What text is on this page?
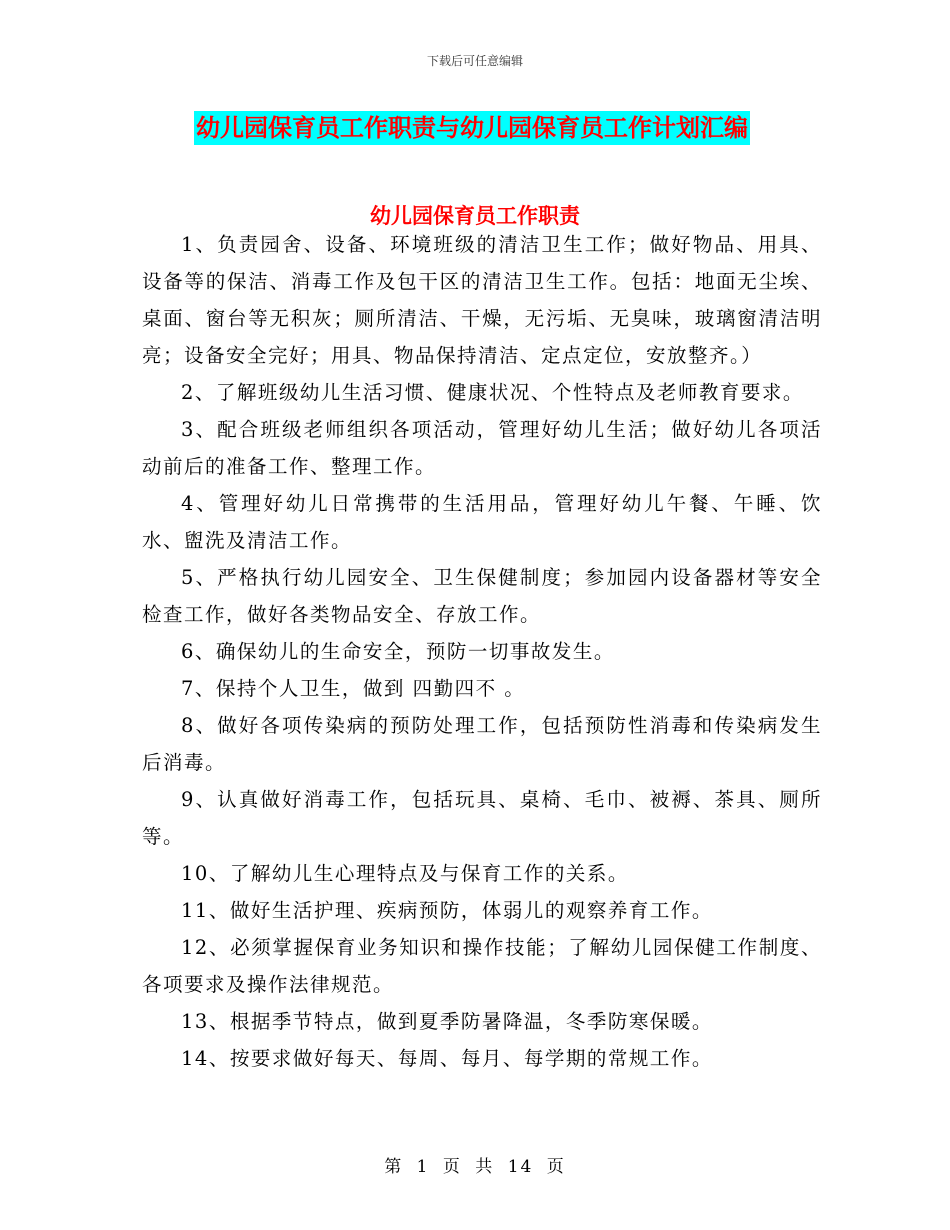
下载后可任意编辑
幼儿园保育员工作职责与幼儿园保育员工作计划汇编
幼儿园保育员工作职责

1、负责园舍、设备、环境班级的清洁卫生工作；做好物品、用具、设备等的保洁、消毒工作及包干区的清洁卫生工作。包括：地面无尘埃、桌面、窗台等无积灰；厕所清洁、干燥，无污垢、无臭味，玻璃窗清洁明亮；设备安全完好；用具、物品保持清洁、定点定位，安放整齐。）

2、了解班级幼儿生活习惯、健康状况、个性特点及老师教育要求。

3、配合班级老师组织各项活动，管理好幼儿生活；做好幼儿各项活动前后的准备工作、整理工作。

4、管理好幼儿日常携带的生活用品，管理好幼儿午餐、午睡、饮水、盥洗及清洁工作。

5、严格执行幼儿园安全、卫生保健制度；参加园内设备器材等安全检查工作，做好各类物品安全、存放工作。

6、确保幼儿的生命安全，预防一切事故发生。

7、保持个人卫生，做到 四勤四不 。

8、做好各项传染病的预防处理工作，包括预防性消毒和传染病发生后消毒。

9、认真做好消毒工作，包括玩具、桌椅、毛巾、被褥、茶具、厕所等。

10、了解幼儿生心理特点及与保育工作的关系。

11、做好生活护理、疾病预防，体弱儿的观察养育工作。

12、必须掌握保育业务知识和操作技能；了解幼儿园保健工作制度、各项要求及操作法律规范。

13、根据季节特点，做到夏季防暑降温，冬季防寒保暖。

14、按要求做好每天、每周、每月、每学期的常规工作。

第 1 页 共 14 页
